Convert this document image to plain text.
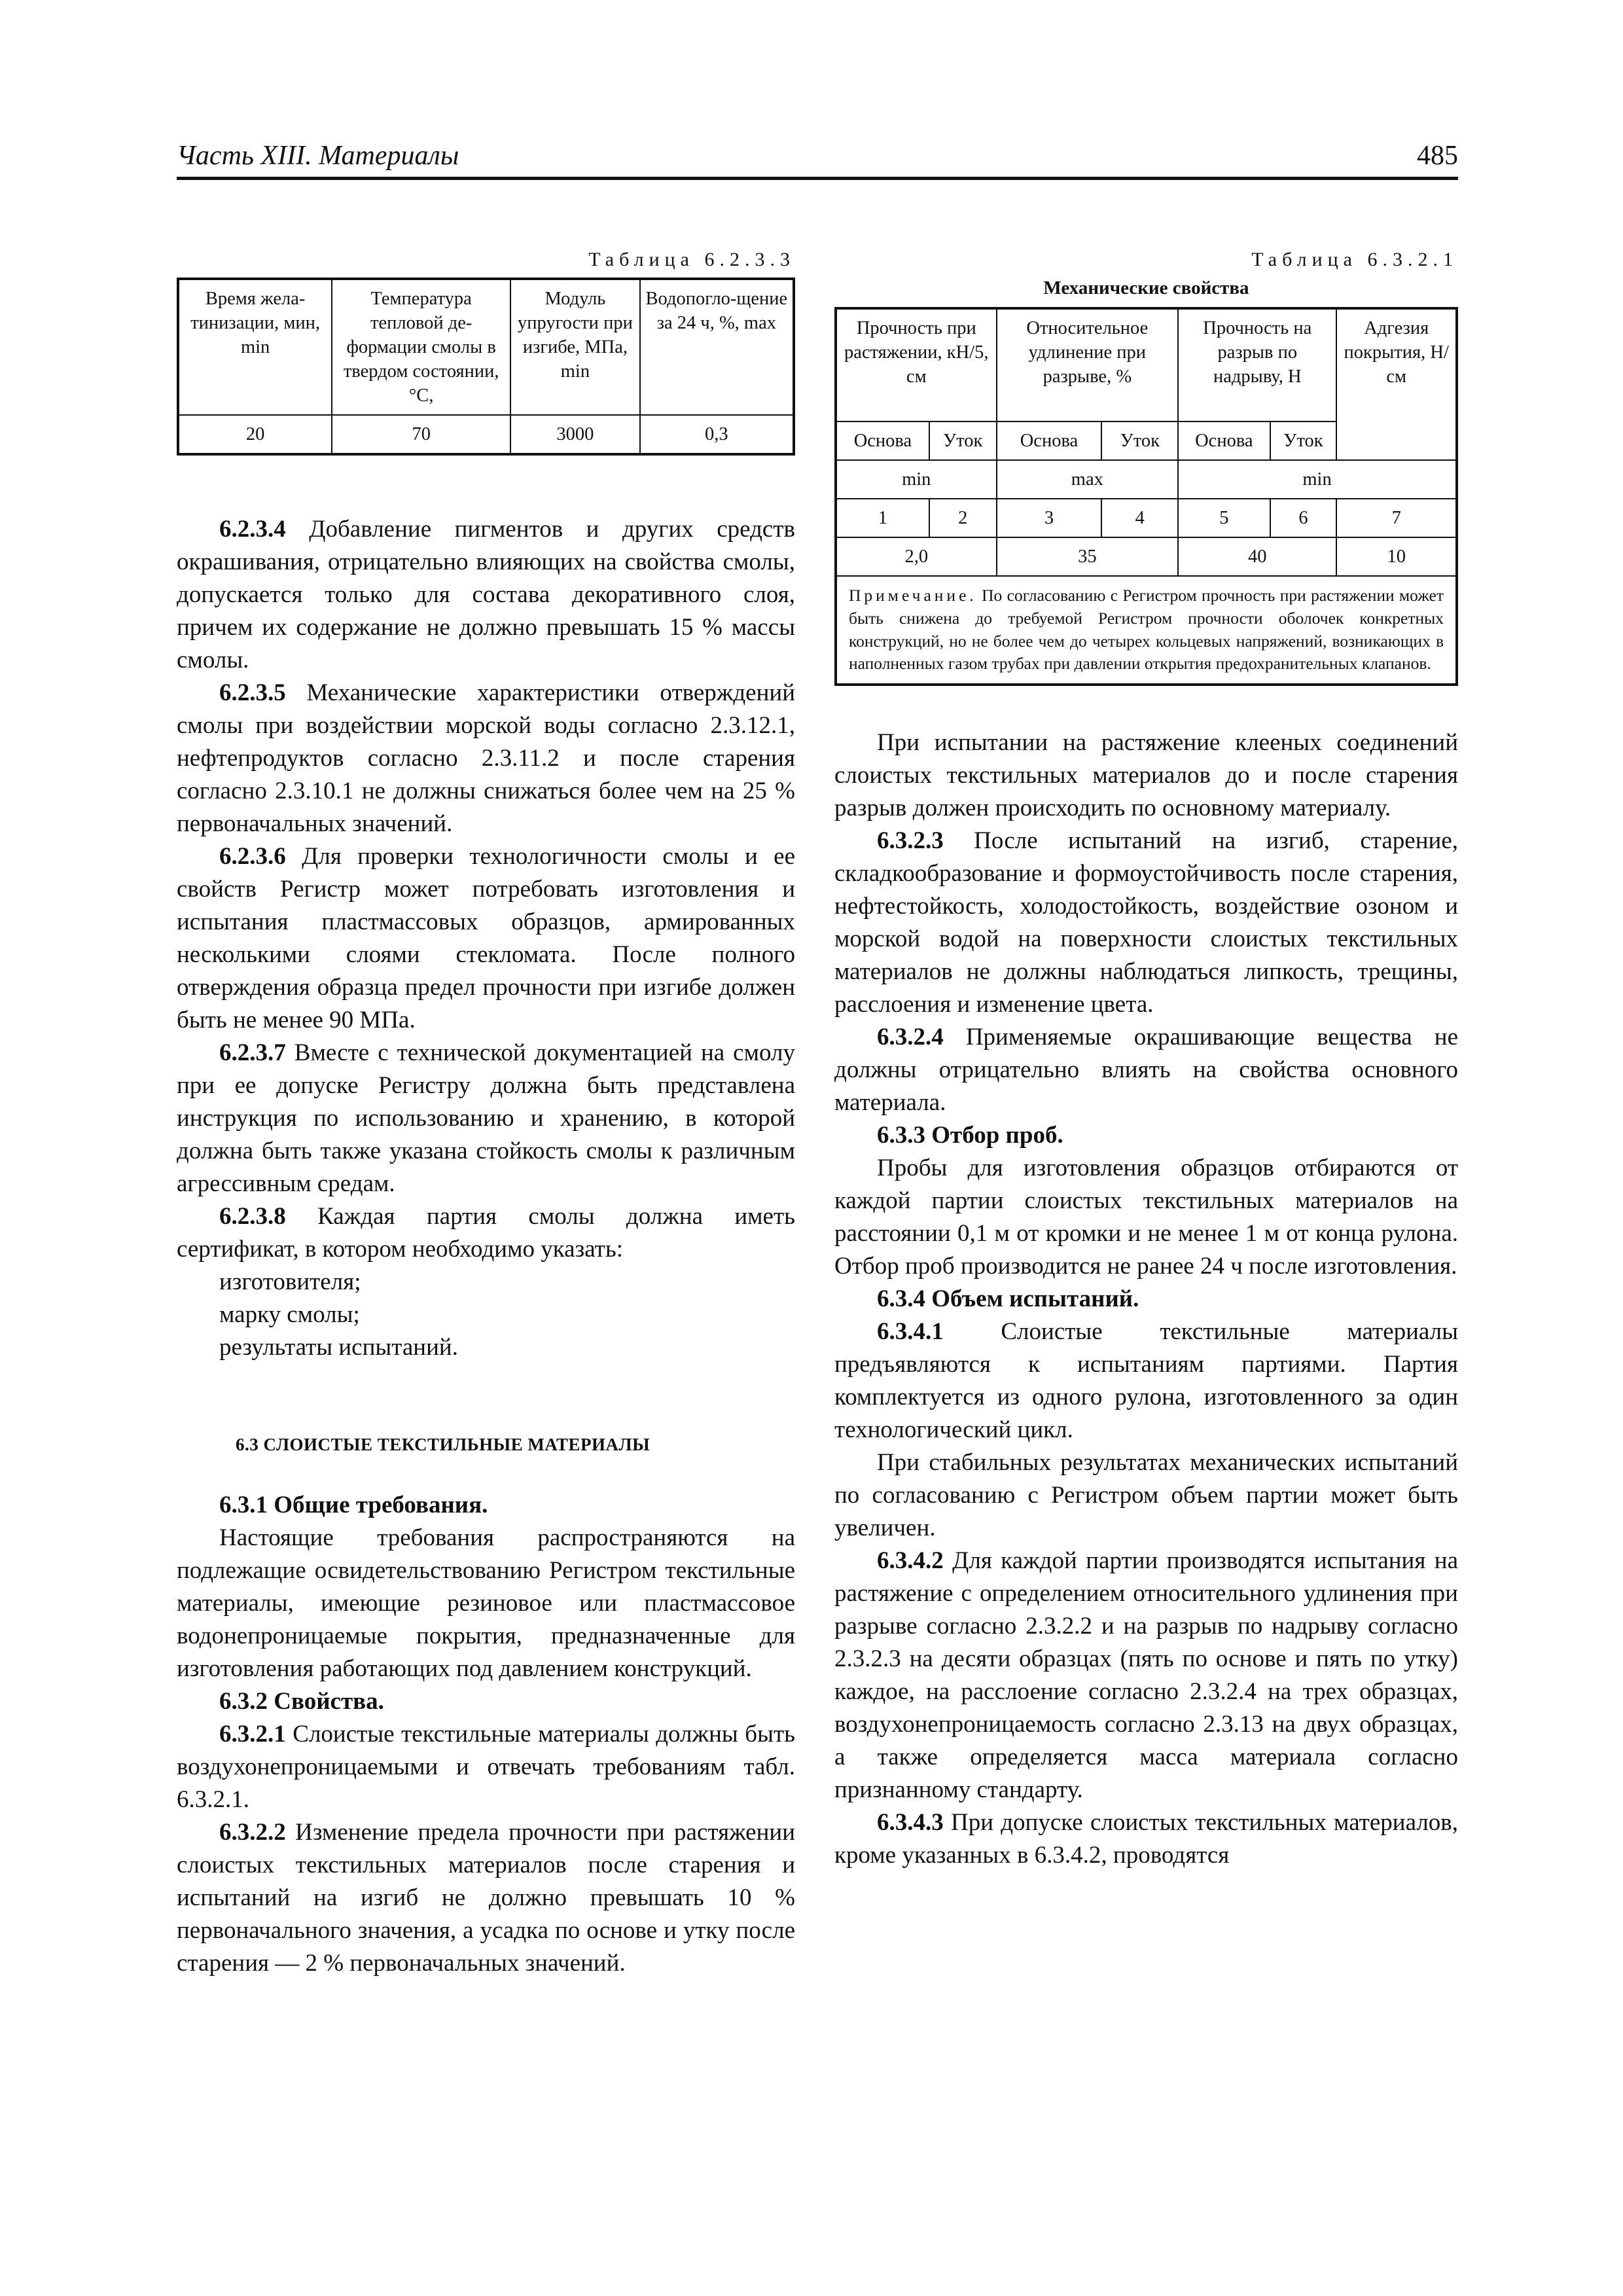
Часть XIII. Материалы	485

Таблица 6.2.3.3

Время жела-тинизации, мин, min	Температура тепловой де-формации смолы в твердом состоянии, °С,	Модуль упругости при изгибе, МПа, min	Водопогло-щение за 24 ч, %, max
20	70	3000	0,3

6.2.3.4 Добавление пигментов и других средств окрашивания, отрицательно влияющих на свойства смолы, допускается только для состава декоративного слоя, причем их содержание не должно превышать 15 % массы смолы.

6.2.3.5 Механические характеристики отверждений смолы при воздействии морской воды согласно 2.3.12.1, нефтепродуктов согласно 2.3.11.2 и после старения согласно 2.3.10.1 не должны снижаться более чем на 25 % первоначальных значений.

6.2.3.6 Для проверки технологичности смолы и ее свойств Регистр может потребовать изготовления и испытания пластмассовых образцов, армированных несколькими слоями стекломата. После полного отверждения образца предел прочности при изгибе должен быть не менее 90 МПа.

6.2.3.7 Вместе с технической документацией на смолу при ее допуске Регистру должна быть представлена инструкция по использованию и хранению, в которой должна быть также указана стойкость смолы к различным агрессивным средам.

6.2.3.8 Каждая партия смолы должна иметь сертификат, в котором необходимо указать:

изготовителя;

марку смолы;

результаты испытаний.

6.3 СЛОИСТЫЕ ТЕКСТИЛЬНЫЕ МАТЕРИАЛЫ

6.3.1 Общие требования.

Настоящие требования распространяются на подлежащие освидетельствованию Регистром текстильные материалы, имеющие резиновое или пластмассовое водонепроницаемые покрытия, предназначенные для изготовления работающих под давлением конструкций.

6.3.2 Свойства.

6.3.2.1 Слоистые текстильные материалы должны быть воздухонепроницаемыми и отвечать требованиям табл. 6.3.2.1.

6.3.2.2 Изменение предела прочности при растяжении слоистых текстильных материалов после старения и испытаний на изгиб не должно превышать 10 % первоначального значения, а усадка по основе и утку после старения — 2 % первоначальных значений.

Таблица 6.3.2.1

Механические свойства

Прочность при растяжении, кН/5, см		Относительное удлинение при разрыве, %		Прочность на разрыв по надрыву, Н		Адгезия покрытия, Н/см
Основа	Уток	Основа	Уток	Основа	Уток	
min		max		min		
1	2	3	4	5	6	7
2,0		35		40		10
Примечание. По согласованию с Регистром прочность при растяжении может быть снижена до требуемой Регистром прочности оболочек конкретных конструкций, но не более чем до четырех кольцевых напряжений, возникающих в наполненных газом трубах при давлении открытия предохранительных клапанов.						

При испытании на растяжение клееных соединений слоистых текстильных материалов до и после старения разрыв должен происходить по основному материалу.

6.3.2.3 После испытаний на изгиб, старение, складкообразование и формоустойчивость после старения, нефтестойкость, холодостойкость, воздействие озоном и морской водой на поверхности слоистых текстильных материалов не должны наблюдаться липкость, трещины, расслоения и изменение цвета.

6.3.2.4 Применяемые окрашивающие вещества не должны отрицательно влиять на свойства основного материала.

6.3.3 Отбор проб.

Пробы для изготовления образцов отбираются от каждой партии слоистых текстильных материалов на расстоянии 0,1 м от кромки и не менее 1 м от конца рулона. Отбор проб производится не ранее 24 ч после изготовления.

6.3.4 Объем испытаний.

6.3.4.1 Слоистые текстильные материалы предъявляются к испытаниям партиями. Партия комплектуется из одного рулона, изготовленного за один технологический цикл.

При стабильных результатах механических испытаний по согласованию с Регистром объем партии может быть увеличен.

6.3.4.2 Для каждой партии производятся испытания на растяжение с определением относительного удлинения при разрыве согласно 2.3.2.2 и на разрыв по надрыву согласно 2.3.2.3 на десяти образцах (пять по основе и пять по утку) каждое, на расслоение согласно 2.3.2.4 на трех образцах, воздухонепроницаемость согласно 2.3.13 на двух образцах, а также определяется масса материала согласно признанному стандарту.

6.3.4.3 При допуске слоистых текстильных материалов, кроме указанных в 6.3.4.2, проводятся
